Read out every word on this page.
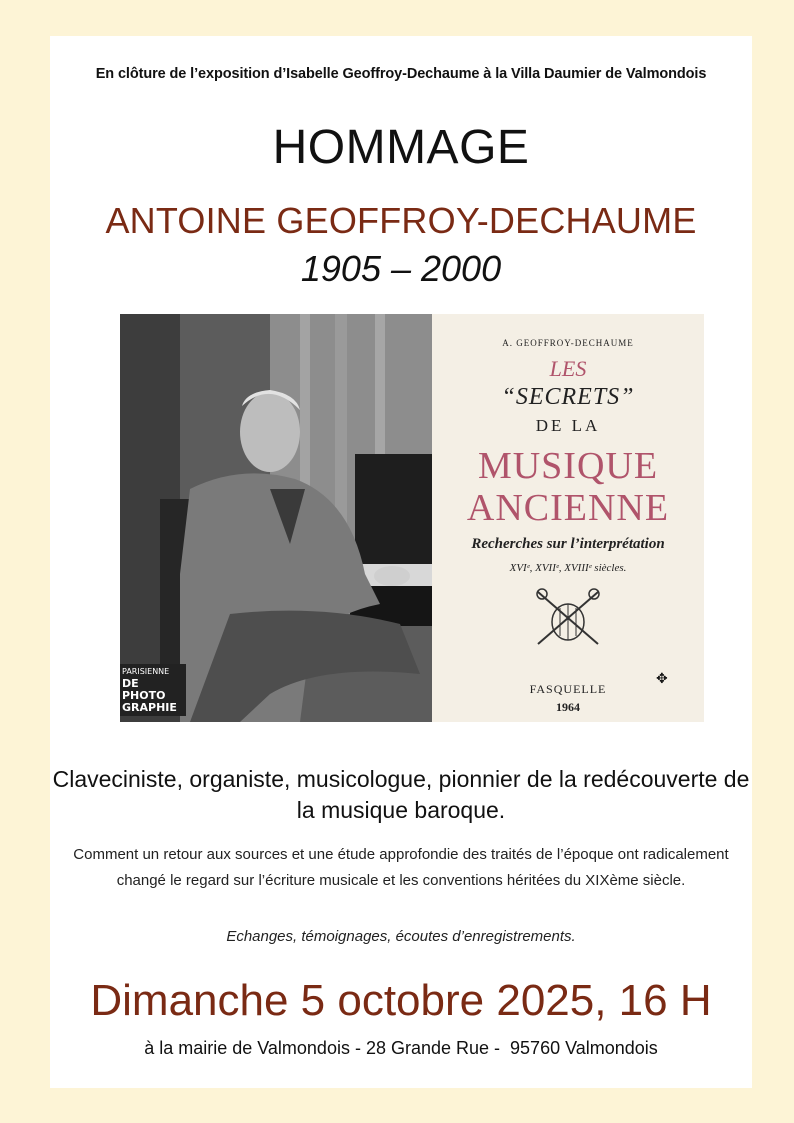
En clôture de l’exposition d’Isabelle Geoffroy-Dechaume à la Villa Daumier de Valmondois
HOMMAGE
ANTOINE GEOFFROY-DECHAUME
1905 – 2000
PARISIENNE
DE PHOTO
GRAPHIE
A. GEOFFROY-DECHAUME
LES
“SECRETS”
DE LA
MUSIQUE
ANCIENNE
Recherches sur l’interprétation
XVIᵉ, XVIIᵉ, XVIIIᵉ siècles.
✥
FASQUELLE
1964
Claveciniste, organiste, musicologue, pionnier de la redécouverte de la musique baroque.
Comment un retour aux sources et une étude approfondie des traités de l’époque ont radicalement changé le regard sur l’écriture musicale et les conventions héritées du XIXème siècle.
Echanges, témoignages, écoutes d’enregistrements.
Dimanche 5 octobre 2025, 16 H
à la mairie de Valmondois - 28 Grande Rue -  95760 Valmondois
